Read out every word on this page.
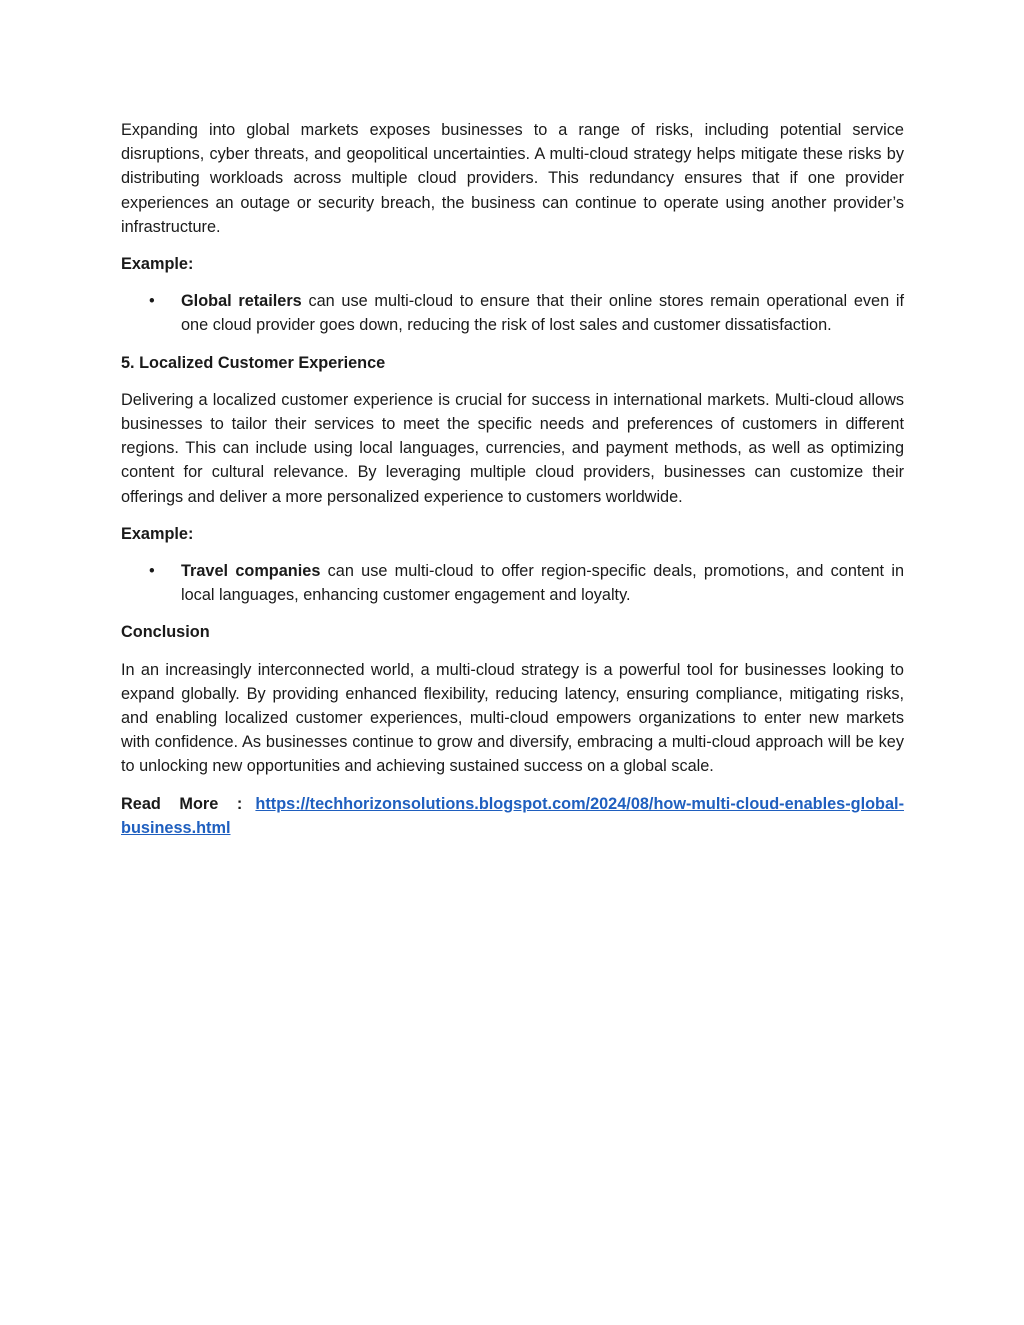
Expanding into global markets exposes businesses to a range of risks, including potential service disruptions, cyber threats, and geopolitical uncertainties. A multi-cloud strategy helps mitigate these risks by distributing workloads across multiple cloud providers. This redundancy ensures that if one provider experiences an outage or security breach, the business can continue to operate using another provider’s infrastructure.

Example:

• Global retailers can use multi-cloud to ensure that their online stores remain operational even if one cloud provider goes down, reducing the risk of lost sales and customer dissatisfaction.

5. Localized Customer Experience

Delivering a localized customer experience is crucial for success in international markets. Multi-cloud allows businesses to tailor their services to meet the specific needs and preferences of customers in different regions. This can include using local languages, currencies, and payment methods, as well as optimizing content for cultural relevance. By leveraging multiple cloud providers, businesses can customize their offerings and deliver a more personalized experience to customers worldwide.

Example:

• Travel companies can use multi-cloud to offer region-specific deals, promotions, and content in local languages, enhancing customer engagement and loyalty.

Conclusion

In an increasingly interconnected world, a multi-cloud strategy is a powerful tool for businesses looking to expand globally. By providing enhanced flexibility, reducing latency, ensuring compliance, mitigating risks, and enabling localized customer experiences, multi-cloud empowers organizations to enter new markets with confidence. As businesses continue to grow and diversify, embracing a multi-cloud approach will be key to unlocking new opportunities and achieving sustained success on a global scale.

Read More : https://techhorizonsolutions.blogspot.com/2024/08/how-multi-cloud-enables-global-business.html
